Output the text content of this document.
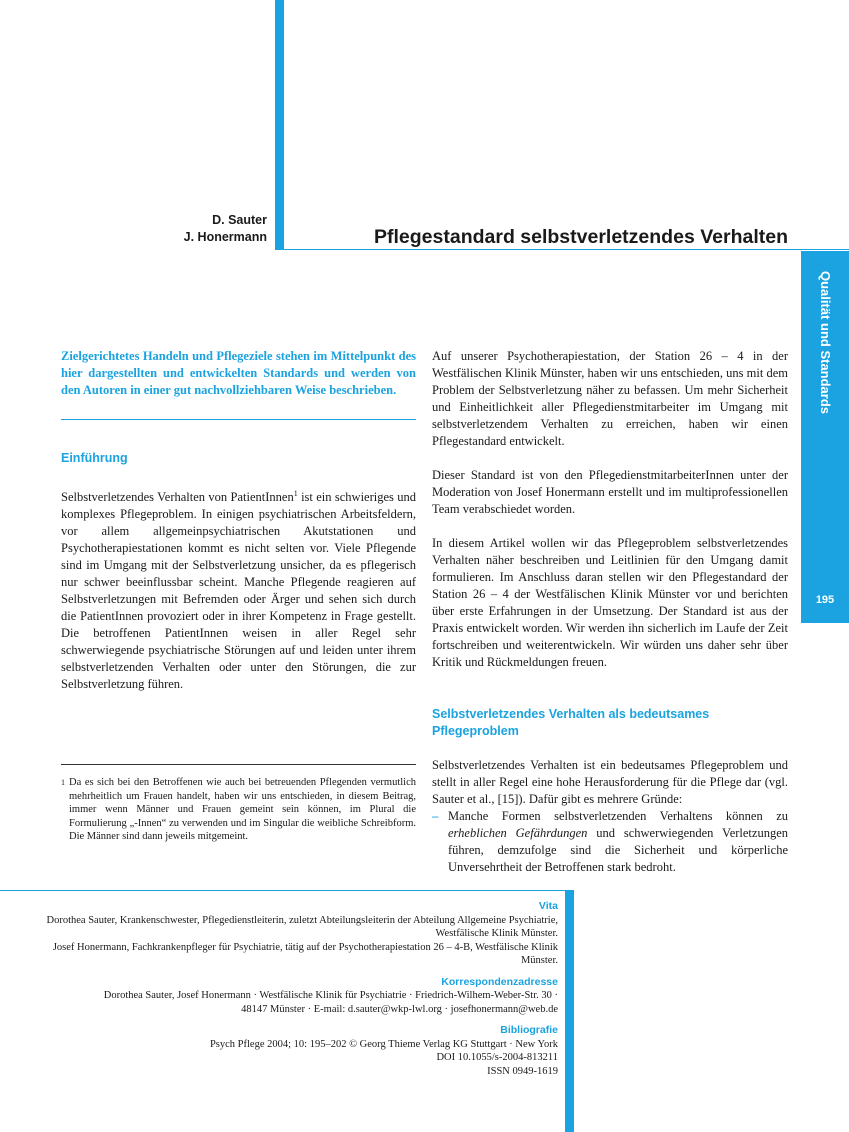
D. Sauter
J. Honermann	Pflegestandard selbstverletzendes Verhalten
Qualität und Standards
195
Zielgerichtetes Handeln und Pflegeziele stehen im Mittelpunkt des hier dargestellten und entwickelten Standards und werden von den Autoren in einer gut nachvollziehbaren Weise beschrieben.
Einführung

Selbstverletzendes Verhalten von PatientInnen$^1$ ist ein schwieriges und komplexes Pflegeproblem. In einigen psychiatrischen Arbeitsfeldern, vor allem allgemeinpsychiatrischen Akutstationen und Psychotherapiestationen kommt es nicht selten vor. Viele Pflegende sind im Umgang mit der Selbstverletzung unsicher, da es pflegerisch nur schwer beeinflussbar scheint. Manche Pflegende reagieren auf Selbstverletzungen mit Befremden oder Ärger und sehen sich durch die PatientInnen provoziert oder in ihrer Kompetenz in Frage gestellt. Die betroffenen PatientInnen weisen in aller Regel sehr schwerwiegende psychiatrische Störungen auf und leiden unter ihrem selbstverletzenden Verhalten oder unter den Störungen, die zur Selbstverletzung führen.

1 Da es sich bei den Betroffenen wie auch bei betreuenden Pflegenden vermutlich mehrheitlich um Frauen handelt, haben wir uns entschieden, in diesem Beitrag, immer wenn Männer und Frauen gemeint sein können, im Plural die Formulierung „-Innen“ zu verwenden und im Singular die weibliche Schreibform. Die Männer sind dann jeweils mitgemeint.

Auf unserer Psychotherapiestation, der Station 26 – 4 in der Westfälischen Klinik Münster, haben wir uns entschieden, uns mit dem Problem der Selbstverletzung näher zu befassen. Um mehr Sicherheit und Einheitlichkeit aller Pflegedienstmitarbeiter im Umgang mit selbstverletzendem Verhalten zu erreichen, haben wir einen Pflegestandard entwickelt.

Dieser Standard ist von den PflegedienstmitarbeiterInnen unter der Moderation von Josef Honermann erstellt und im multiprofessionellen Team verabschiedet worden.

In diesem Artikel wollen wir das Pflegeproblem selbstverletzendes Verhalten näher beschreiben und Leitlinien für den Umgang damit formulieren. Im Anschluss daran stellen wir den Pflegestandard der Station 26 – 4 der Westfälischen Klinik Münster vor und berichten über erste Erfahrungen in der Umsetzung. Der Standard ist aus der Praxis entwickelt worden. Wir werden ihn sicherlich im Laufe der Zeit fortschreiben und weiterentwickeln. Wir würden uns daher sehr über Kritik und Rückmeldungen freuen.

Selbstverletzendes Verhalten als bedeutsames Pflegeproblem

Selbstverletzendes Verhalten ist ein bedeutsames Pflegeproblem und stellt in aller Regel eine hohe Herausforderung für die Pflege dar (vgl. Sauter et al., [15]). Dafür gibt es mehrere Gründe:

– Manche Formen selbstverletzenden Verhaltens können zu erheblichen Gefährdungen und schwerwiegenden Verletzungen führen, demzufolge sind die Sicherheit und körperliche Unversehrtheit der Betroffenen stark bedroht.

Vita
Dorothea Sauter, Krankenschwester, Pflegedienstleiterin, zuletzt Abteilungsleiterin der Abteilung Allgemeine Psychiatrie, Westfälische Klinik Münster.
Josef Honermann, Fachkrankenpfleger für Psychiatrie, tätig auf der Psychotherapiestation 26 – 4-B, Westfälische Klinik Münster.
Korrespondenzadresse
Dorothea Sauter, Josef Honermann · Westfälische Klinik für Psychiatrie · Friedrich-Wilhem-Weber-Str. 30 ·
48147 Münster · E-mail: d.sauter@wkp-lwl.org · josefhonermann@web.de
Bibliografie
Psych Pflege 2004; 10: 195–202 © Georg Thieme Verlag KG Stuttgart · New York
DOI 10.1055/s-2004-813211
ISSN 0949-1619
